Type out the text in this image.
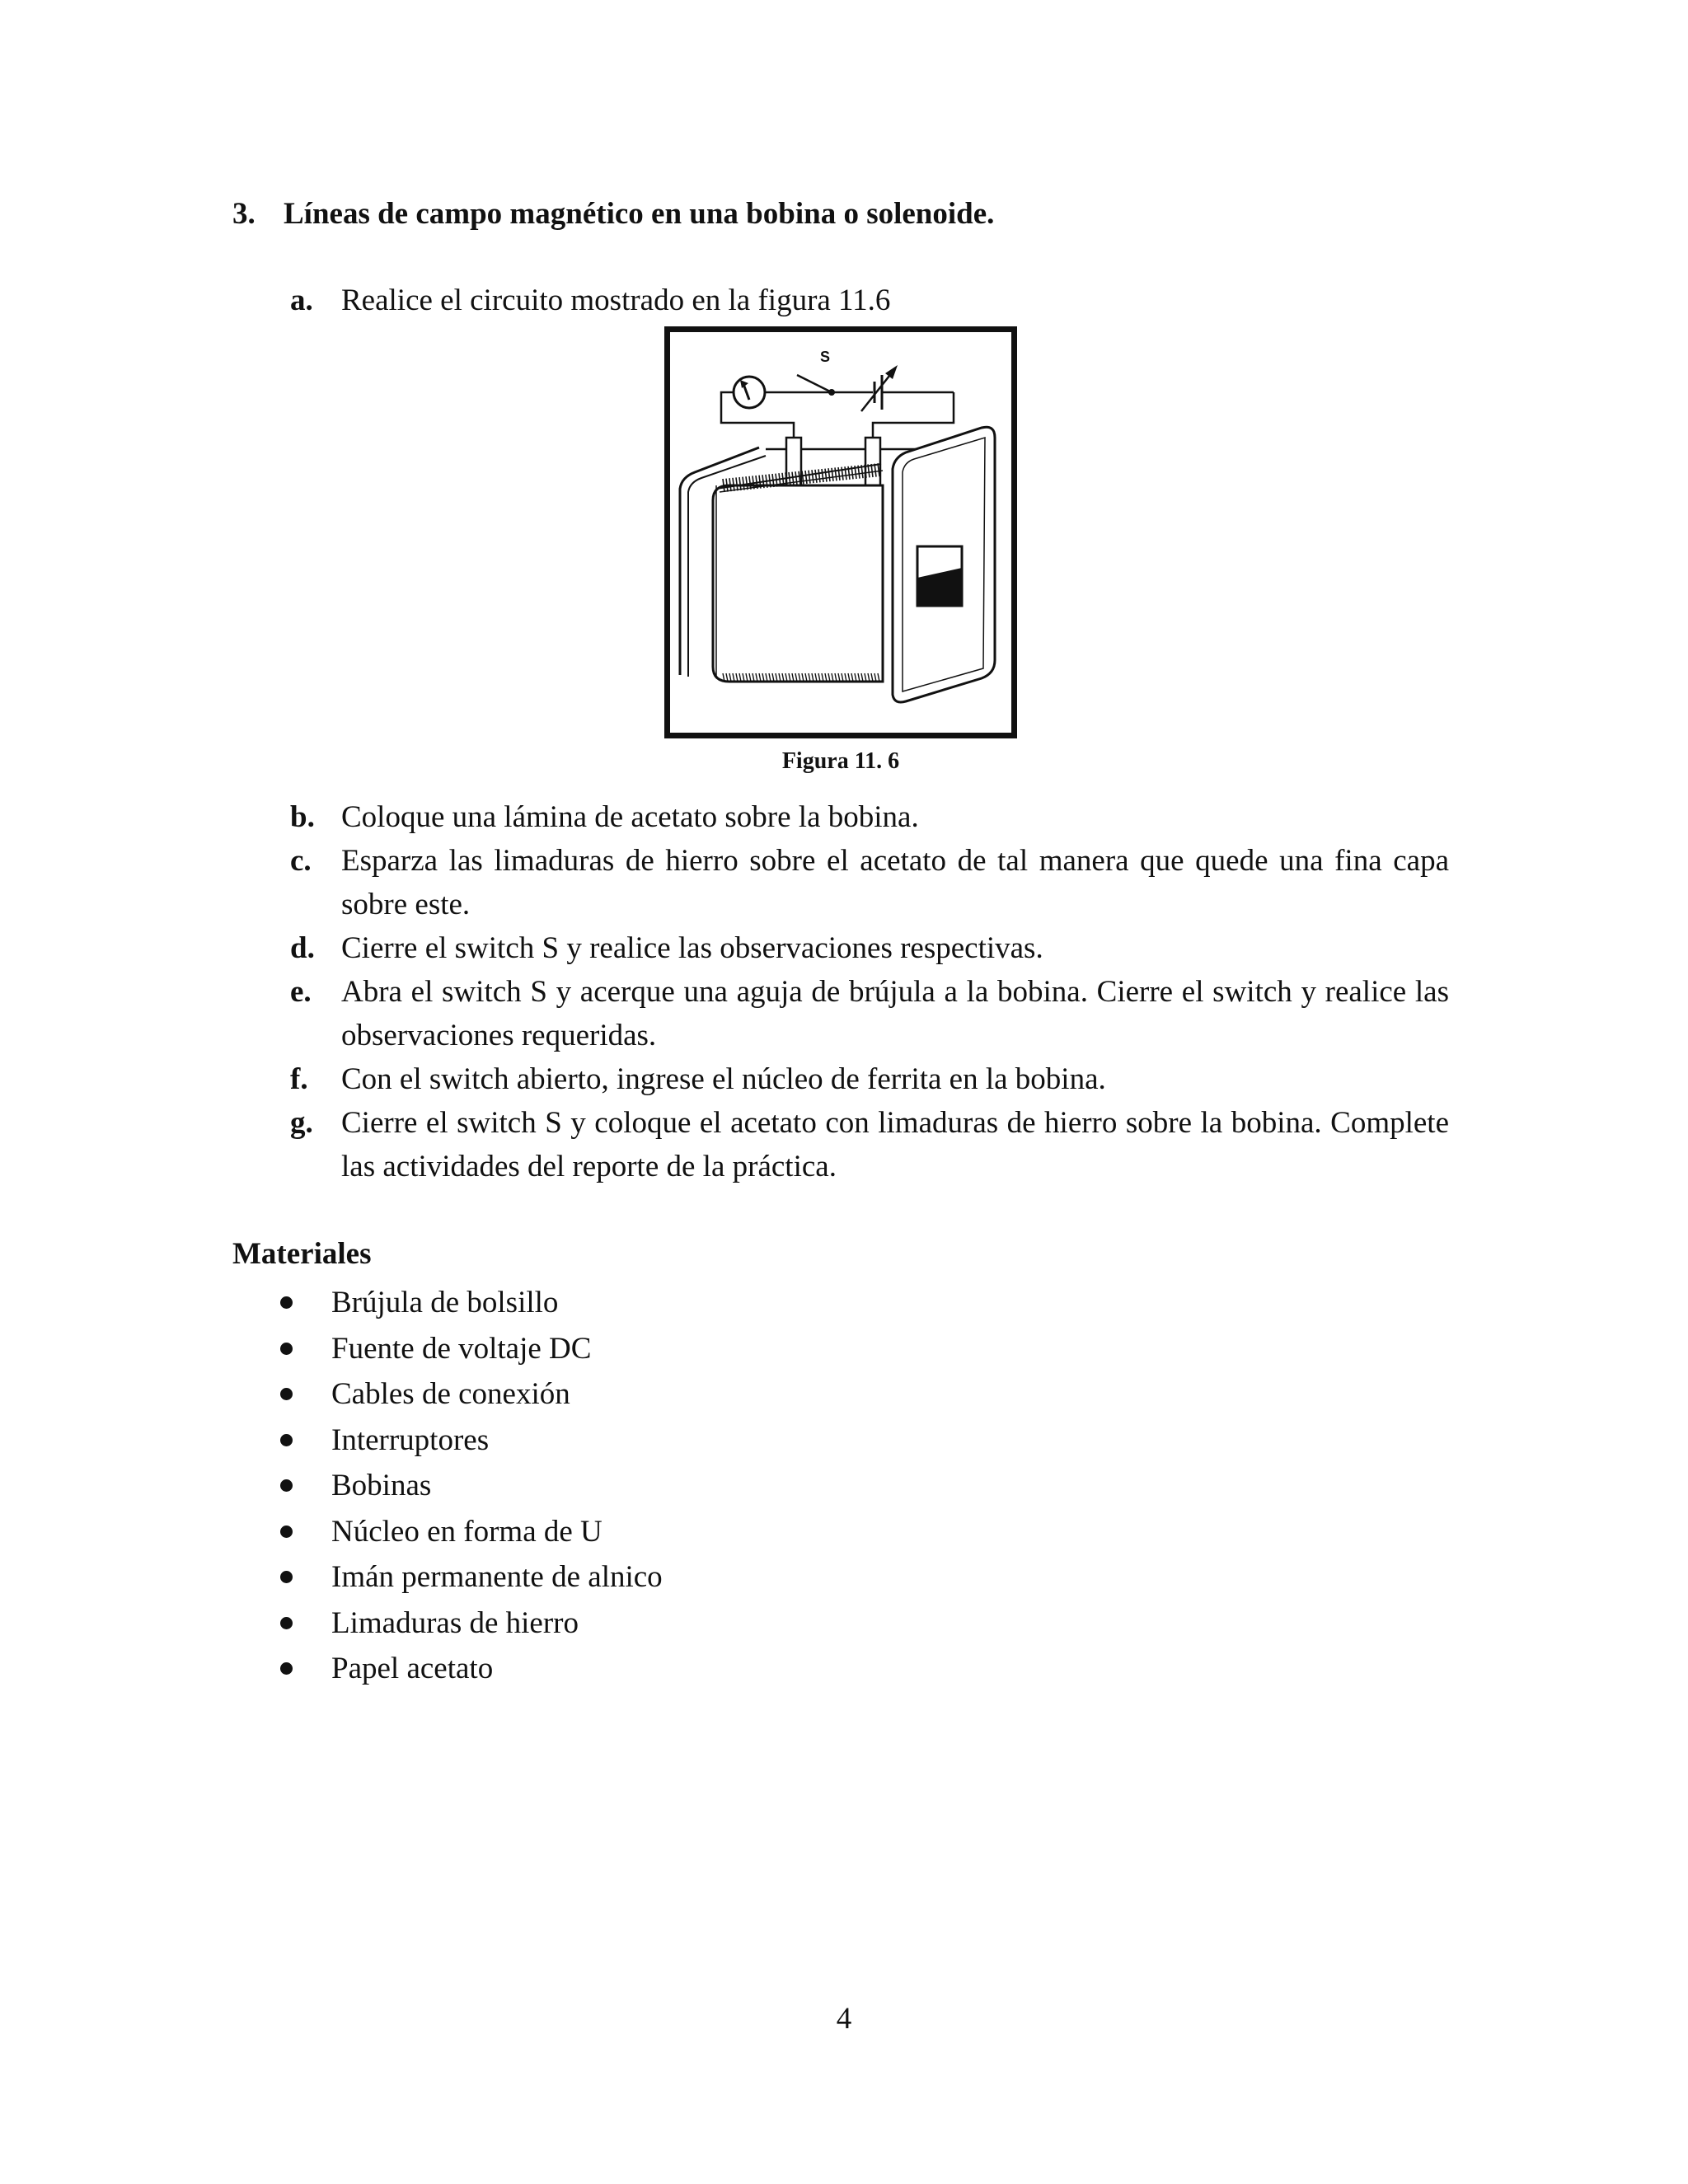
3. Líneas de campo magnético en una bobina o solenoide.
a. Realice el circuito mostrado en la figura 11.6
S
Figura 11. 6
b. Coloque una lámina de acetato sobre la bobina.
c. Esparza las limaduras de hierro sobre el acetato de tal manera que quede una fina capa sobre este.
d. Cierre el switch S y realice las observaciones respectivas.
e. Abra el switch S y acerque una aguja de brújula a la bobina. Cierre el switch y realice las observaciones requeridas.
f.	Con el switch abierto, ingrese el núcleo de ferrita en la bobina.
g. Cierre el switch S y coloque el acetato con limaduras de hierro sobre la bobina. Complete las actividades del reporte de la práctica.
Materiales
Brújula de bolsillo
Fuente de voltaje DC
Cables de conexión
Interruptores
Bobinas
Núcleo en forma de U
Imán permanente de alnico
Limaduras de hierro
Papel acetato
4
